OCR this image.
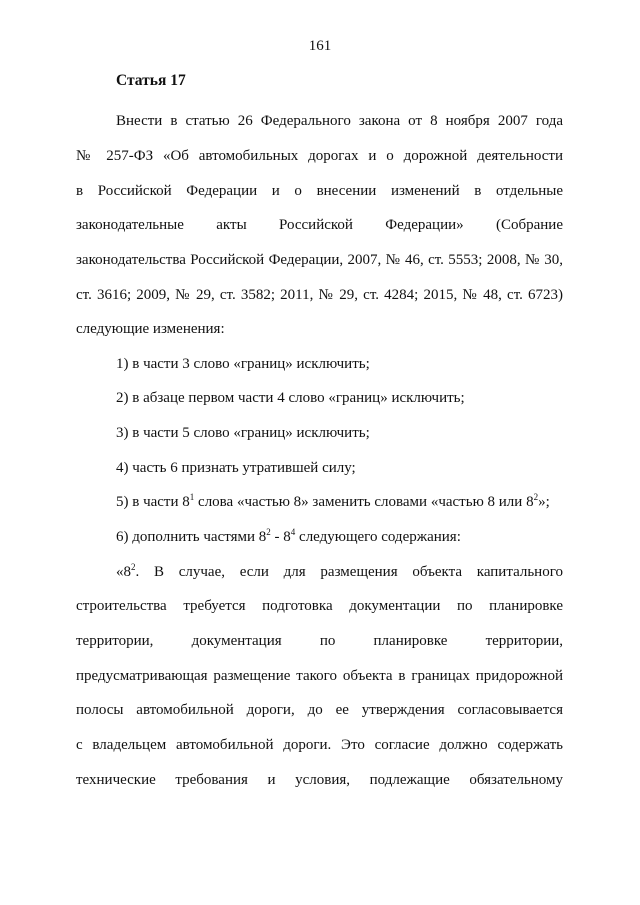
161
Статья 17
Внести в статью 26 Федерального закона от 8 ноября 2007 года
№ 257-ФЗ «Об автомобильных дорогах и о дорожной деятельности
в Российской Федерации и о внесении изменений в отдельные
законодательные акты Российской Федерации» (Собрание
законодательства Российской Федерации, 2007, № 46, ст. 5553; 2008, № 30,
ст. 3616; 2009, № 29, ст. 3582; 2011, № 29, ст. 4284; 2015, № 48, ст. 6723)
следующие изменения:
1) в части 3 слово «границ» исключить;
2) в абзаце первом части 4 слово «границ» исключить;
3) в части 5 слово «границ» исключить;
4) часть 6 признать утратившей силу;
5) в части $8^1$ слова «частью 8» заменить словами «частью 8 или $8^2$»;
6) дополнить частями $8^2 - 8^4$ следующего содержания:
«$8^2$. В случае, если для размещения объекта капитального
строительства требуется подготовка документации по планировке
территории, документация по планировке территории,
предусматривающая размещение такого объекта в границах придорожной
полосы автомобильной дороги, до ее утверждения согласовывается
с владельцем автомобильной дороги. Это согласие должно содержать
технические требования и условия, подлежащие обязательному
